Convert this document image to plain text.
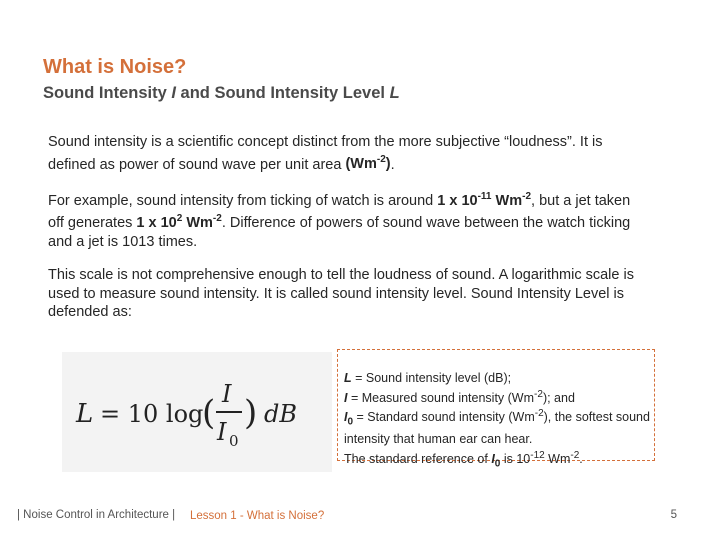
What is Noise?
Sound Intensity I and Sound Intensity Level L
Sound intensity is a scientific concept distinct from the more subjective “loudness”. It is defined as power of sound wave per unit area $(Wm^{-2})$.
For example, sound intensity from ticking of watch is around 1 x $10^{-11}$ $Wm^{-2}$, but a jet taken off generates 1 x $10^2$ $Wm^{-2}$. Difference of powers of sound wave between the watch ticking and a jet is 1013 times.
This scale is not comprehensive enough to tell the loudness of sound. A logarithmic scale is used to measure sound intensity. It is called sound intensity level. Sound Intensity Level is defended as:
L = 10 log
( I
I 0
) dB
L = Sound intensity level (dB);
I = Measured sound intensity $(Wm^{-2})$; and
$I_0$ = Standard sound intensity $(Wm^{-2})$, the softest sound intensity that human ear can hear.
The standard reference of $I_0$ is $10^{-12}$ $Wm^{-2}$.
| Noise Control in Architecture | Lesson 1 - What is Noise?	5
